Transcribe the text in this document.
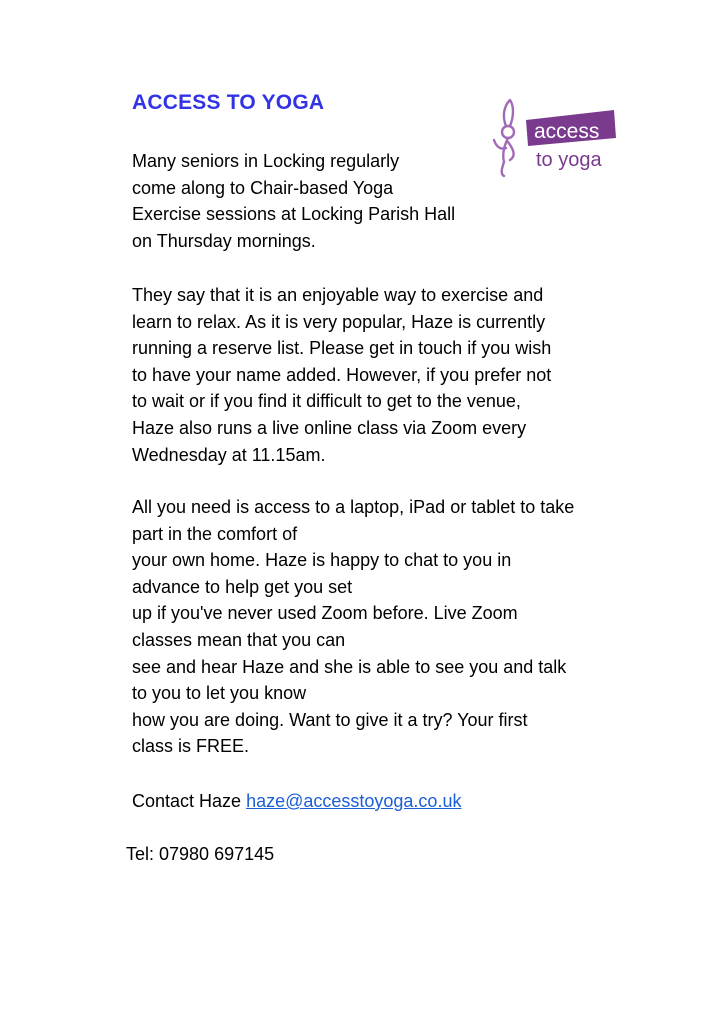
ACCESS TO YOGA
access
to yoga
Many seniors in Locking regularly
come along to Chair-based Yoga
Exercise sessions at Locking Parish Hall
on Thursday mornings.
They say that it is an enjoyable way to exercise and
learn to relax. As it is very popular, Haze is currently
running a reserve list. Please get in touch if you wish
to have your name added. However, if you prefer not
to wait or if you find it difficult to get to the venue,
Haze also runs a live online class via Zoom every
Wednesday at 11.15am.
All you need is access to a laptop, iPad or tablet to take
part in the comfort of
your own home. Haze is happy to chat to you in
advance to help get you set
up if you've never used Zoom before. Live Zoom
classes mean that you can
see and hear Haze and she is able to see you and talk
to you to let you know
how you are doing. Want to give it a try? Your first
class is FREE.
Contact Haze haze@accesstoyoga.co.uk
Tel: 07980 697145
